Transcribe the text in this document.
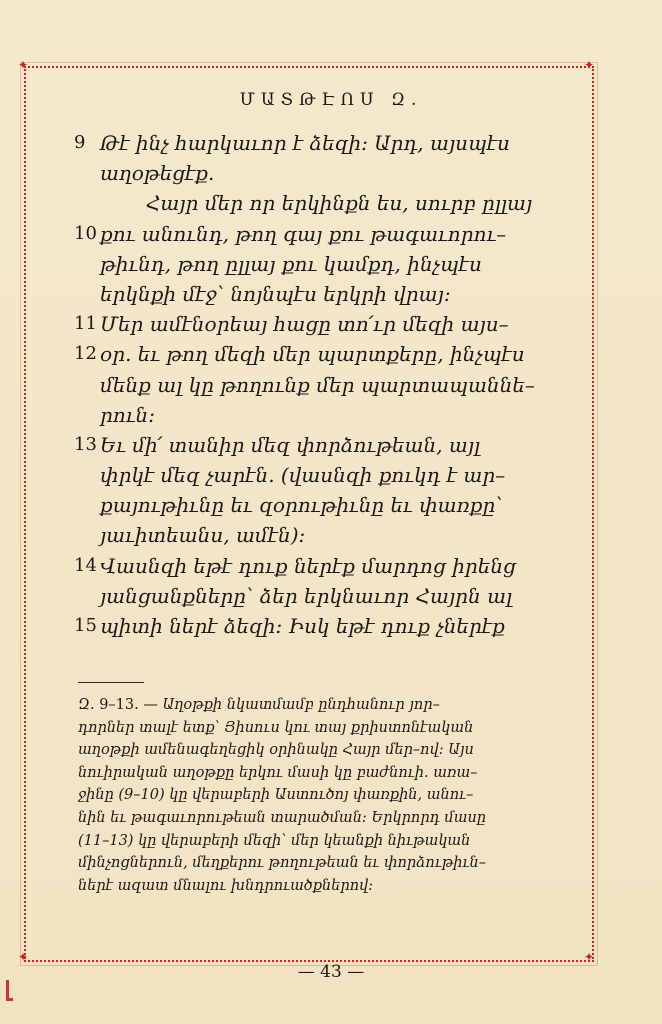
✦	✦
✦	✦
ՄԱՏԹԷՈՍ Զ.
9 Թէ ինչ հարկաւոր է ձեզի։ Արդ, այսպէս
աղօթեցէք.
Հայր մեր որ երկինքն ես, սուրբ ըլլայ
10 քու անունդ, թող գայ քու թագաւորու–
թիւնդ, թող ըլլայ քու կամքդ, ինչպէս
երկնքի մէջ՝ նոյնպէս երկրի վրայ։
11 Մեր ամէնօրեայ հացը տո՛ւր մեզի այս–
12 օր. եւ թող մեզի մեր պարտքերը, ինչպէս
մենք ալ կը թողունք մեր պարտապաննե–
րուն։
13 Եւ մի՛ տանիր մեզ փորձութեան, այլ
փրկէ մեզ չարէն. (վասնզի քուկդ է ար–
քայութիւնը եւ զօրութիւնը եւ փառքը՝
յաւիտեանս, ամէն)։
14 Վասնզի եթէ դուք ներէք մարդոց իրենց
յանցանքները՝ ձեր երկնաւոր Հայրն ալ
15 պիտի ներէ ձեզի։ Իսկ եթէ դուք չներէք
Զ. 9–13. — Աղօթքի նկատմամբ ընդհանուր յոր–
դորներ տալէ ետք՝ Յիսուս կու տայ քրիստոնէական
աղօթքի ամենագեղեցիկ օրինակը Հայր մեր–ով։ Այս
նուիրական աղօթքը երկու մասի կը բաժնուի. առա–
ջինը (9–10) կը վերաբերի Աստուծոյ փառքին, անու–
նին եւ թագաւորութեան տարածման։ Երկրորդ մասը
(11–13) կը վերաբերի մեզի՝ մեր կեանքի նիւթական
մինչոցներուն, մեղքերու թողութեան եւ փորձութիւն–
ներէ ազատ մնալու խնդրուածքներով։
— 43 —
